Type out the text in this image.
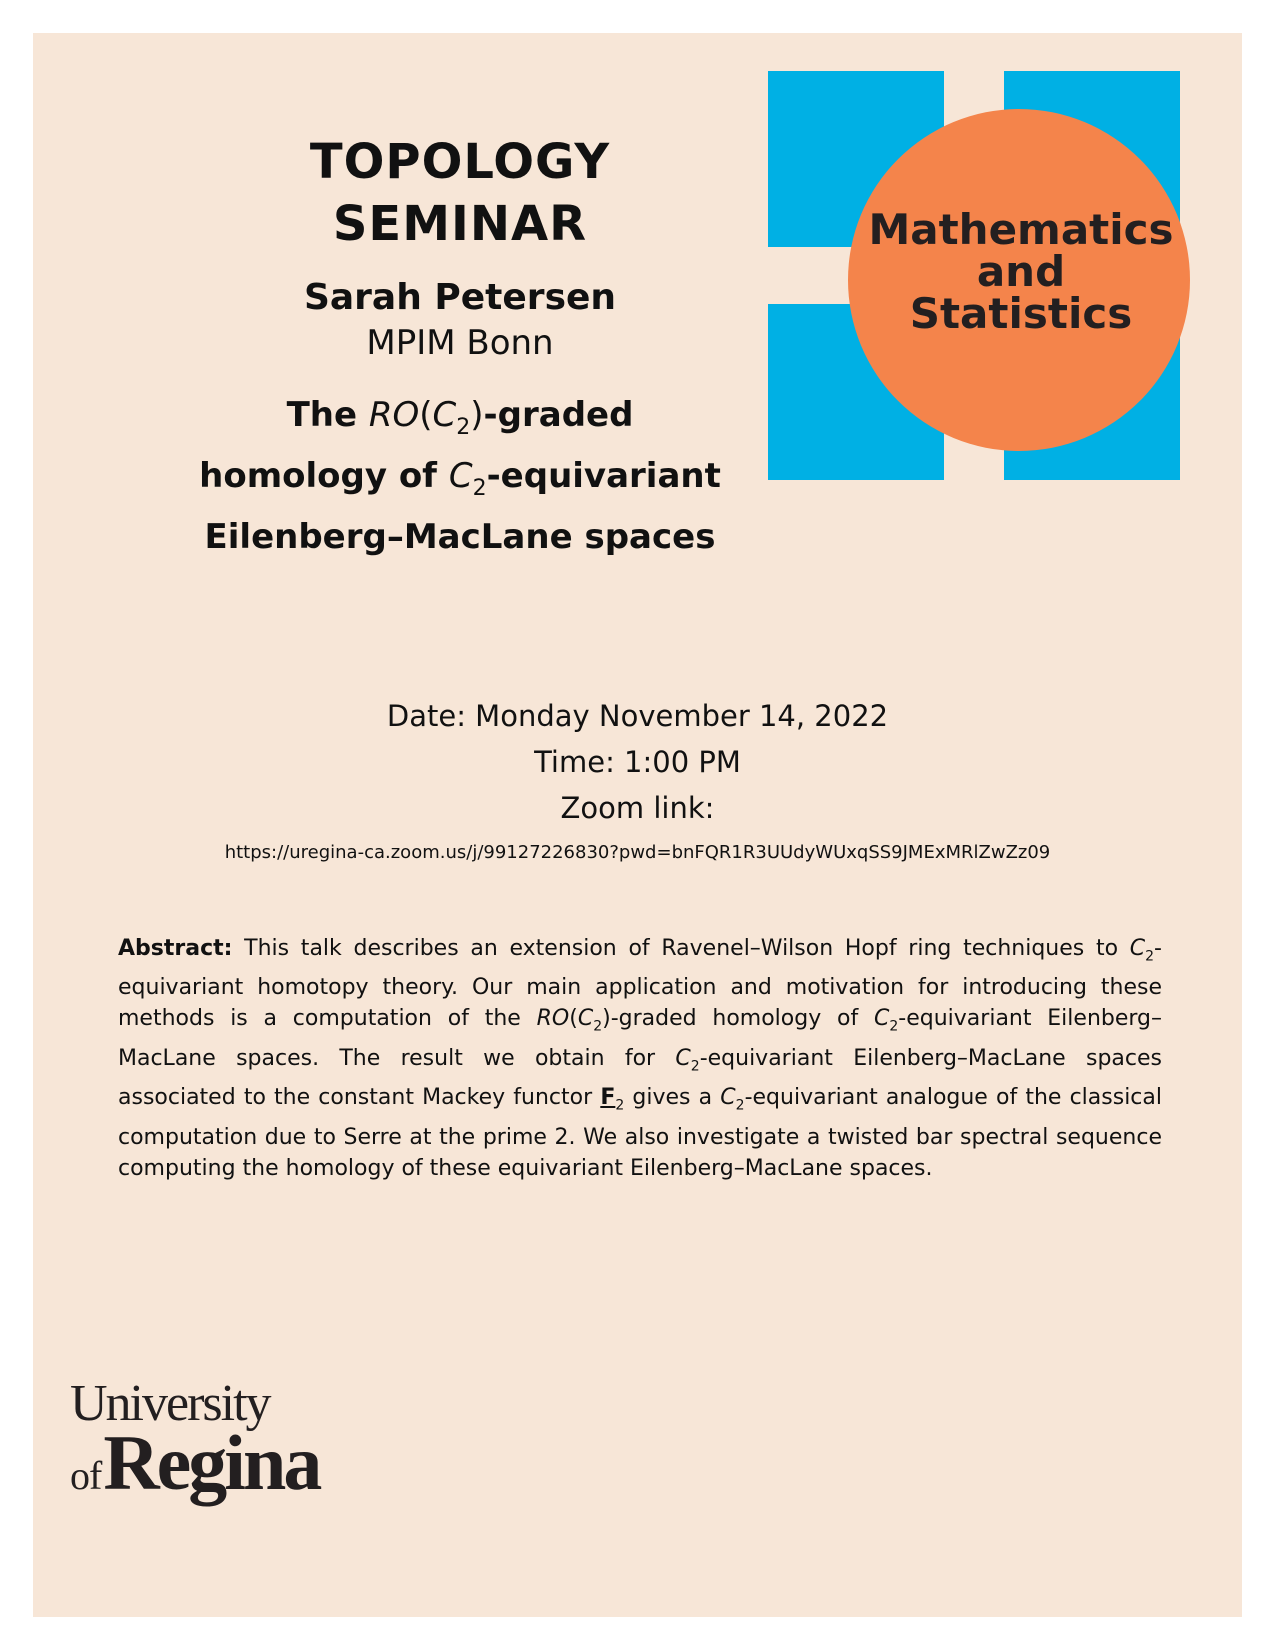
TOPOLOGY
SEMINAR
Sarah Petersen
MPIM Bonn
The $RO(C_2)$-graded
homology of $C_2$-equivariant
Eilenberg–MacLane spaces
Mathematics
and
Statistics
Date: Monday November 14, 2022
Time: 1:00 PM
Zoom link:
https://uregina-ca.zoom.us/j/99127226830?pwd=bnFQR1R3UUdyWUxqSS9JMExMRlZwZz09
Abstract: This talk describes an extension of Ravenel–Wilson Hopf ring techniques to $C_2$-equivariant homotopy theory. Our main application and motivation for introducing these methods is a computation of the $RO(C_2)$-graded homology of $C_2$-equivariant Eilenberg–MacLane spaces. The result we obtain for $C_2$-equivariant Eilenberg–MacLane spaces associated to the constant Mackey functor $F_2$ gives a $C_2$-equivariant analogue of the classical computation due to Serre at the prime 2. We also investigate a twisted bar spectral sequence computing the homology of these equivariant Eilenberg–MacLane spaces.
University
of Regina
